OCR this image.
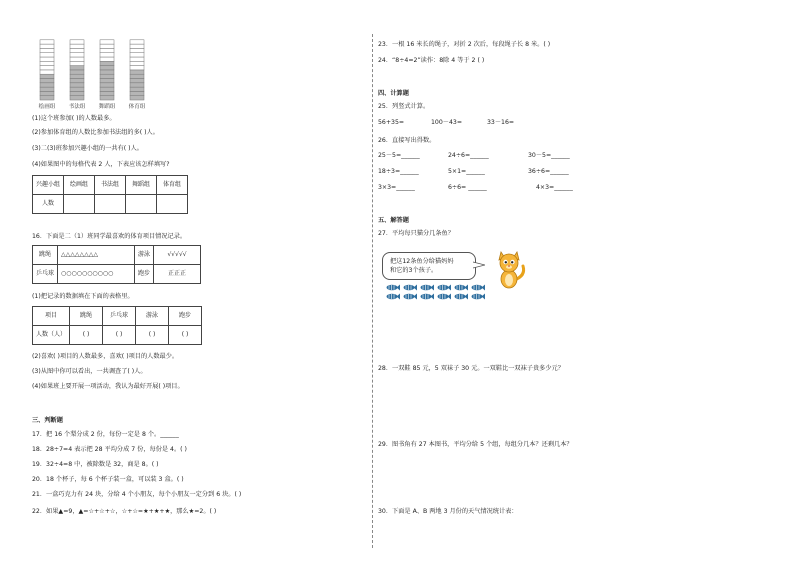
绘画组 书法组 舞蹈组 体育组
(1)这个班参加( )的人数最多。
(2)参加体育组的人数比参加书法组的多( )人。
(3)二(3)班参加兴趣小组的一共有( )人。
(4)如果图中的每格代表 2 人，下表应该怎样填写?
兴趣小组	绘画组	书法组	舞蹈组	体育组
人数				
16．下面是二（1）班同学最喜欢的体育项目情况记录。
跳绳	△△△△△△△△	游泳	√√√√√
乒乓球	○○○○○○○○○○	跑步	正正正
(1)把记录的数据填在下面的表格里。
项目	跳绳	乒乓球	游泳	跑步
人数（人）	( )	( )	( )	( )
(2)喜欢( )项目的人数最多，喜欢( )项目的人数最少。
(3)从图中你可以看出，一共调查了( )人。
(4)如果班上要开展一项活动，我认为最好开展( )项目。
三、判断题
17．把 16 个梨分成 2 份，每份一定是 8 个。______
18．28÷7=4 表示把 28 平均分成 7 份，每份是 4。( )
19．32÷4=8 中，被除数是 32，商是 8。( )
20．18 个杯子，每 6 个杯子装一盒，可以装 3 盒。( )
21．一盒巧克力有 24 块，分给 4 个小朋友，每个小朋友一定分到 6 块。( )
22．如果▲=9，▲=☆+☆+☆，☆+☆=★+★+★，那么★=2。( )
23．一根 16 米长的绳子，对折 2 次后，每段绳子长 8 米。( )
24．“8÷4=2”读作：8除 4 等于 2 ( )
四、计算题
25．列竖式计算。
56+35=	100－43=	33－16=
26．直接写出得数。
25－5=______	24÷6=______	30－5=______
18÷3=______	5×1=______	36÷6=______
3×3=______	6÷6= ______	4×3=______
五、解答题
27．平均每只猫分几条鱼？
把这12条鱼分给猫妈妈
和它的3个孩子。
28．一双鞋 85 元，5 双袜子 30 元。一双鞋比一双袜子贵多少元？
29．图书角有 27 本图书，平均分给 5 个组，每组分几本？还剩几本？
30．下面是 A、B 两地 3 月份的天气情况统计表：
